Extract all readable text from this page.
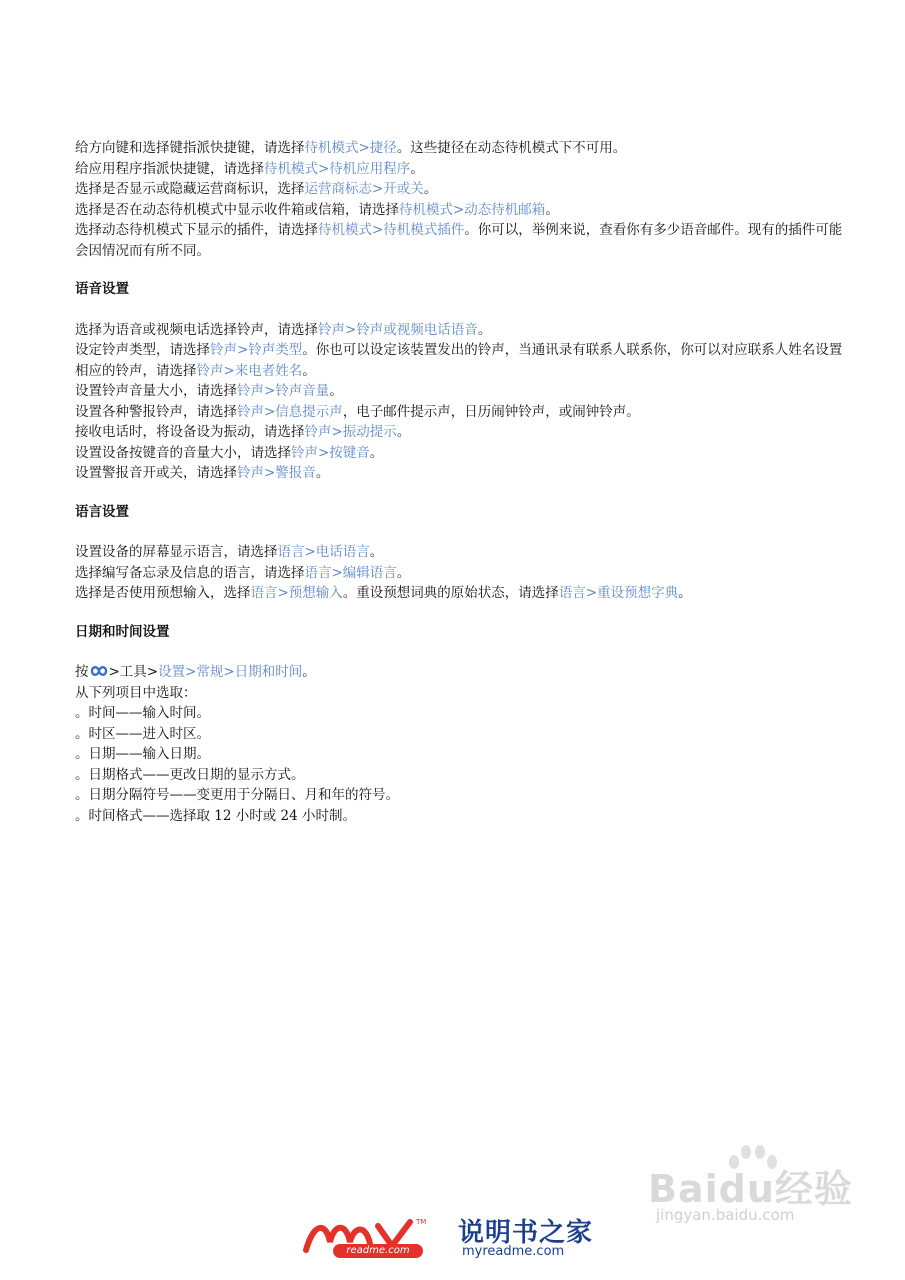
给方向键和选择键指派快捷键，请选择待机模式>捷径。这些捷径在动态待机模式下不可用。

给应用程序指派快捷键，请选择待机模式>待机应用程序。

选择是否显示或隐藏运营商标识，选择运营商标志>开或关。

选择是否在动态待机模式中显示收件箱或信箱，请选择待机模式>动态待机邮箱。

选择动态待机模式下显示的插件，请选择待机模式>待机模式插件。你可以，举例来说，查看你有多少语音邮件。现有的插件可能会因情况而有所不同。

语音设置

选择为语音或视频电话选择铃声，请选择铃声>铃声或视频电话语音。

设定铃声类型，请选择铃声>铃声类型。你也可以设定该装置发出的铃声，当通讯录有联系人联系你，你可以对应联系人姓名设置相应的铃声，请选择铃声>来电者姓名。

设置铃声音量大小，请选择铃声>铃声音量。

设置各种警报铃声，请选择铃声>信息提示声，电子邮件提示声，日历闹钟铃声，或闹钟铃声。

接收电话时，将设备设为振动，请选择铃声>振动提示。

设置设备按键音的音量大小，请选择铃声>按键音。

设置警报音开或关，请选择铃声>警报音。

语言设置

设置设备的屏幕显示语言，请选择语言>电话语言。

选择编写备忘录及信息的语言，请选择语言>编辑语言。

选择是否使用预想输入，选择语言>预想输入。重设预想词典的原始状态，请选择语言>重设预想字典。

日期和时间设置

按 >工具>设置>常规>日期和时间。

从下列项目中选取：

。时间——输入时间。

。时区——进入时区。

。日期——输入日期。

。日期格式——更改日期的显示方式。

。日期分隔符号——变更用于分隔日、月和年的符号。

。时间格式——选择取 12 小时或 24 小时制。

TM
readme.com
说明书之家
myreadme.com
Baidu经验
jingyan.baidu.com
